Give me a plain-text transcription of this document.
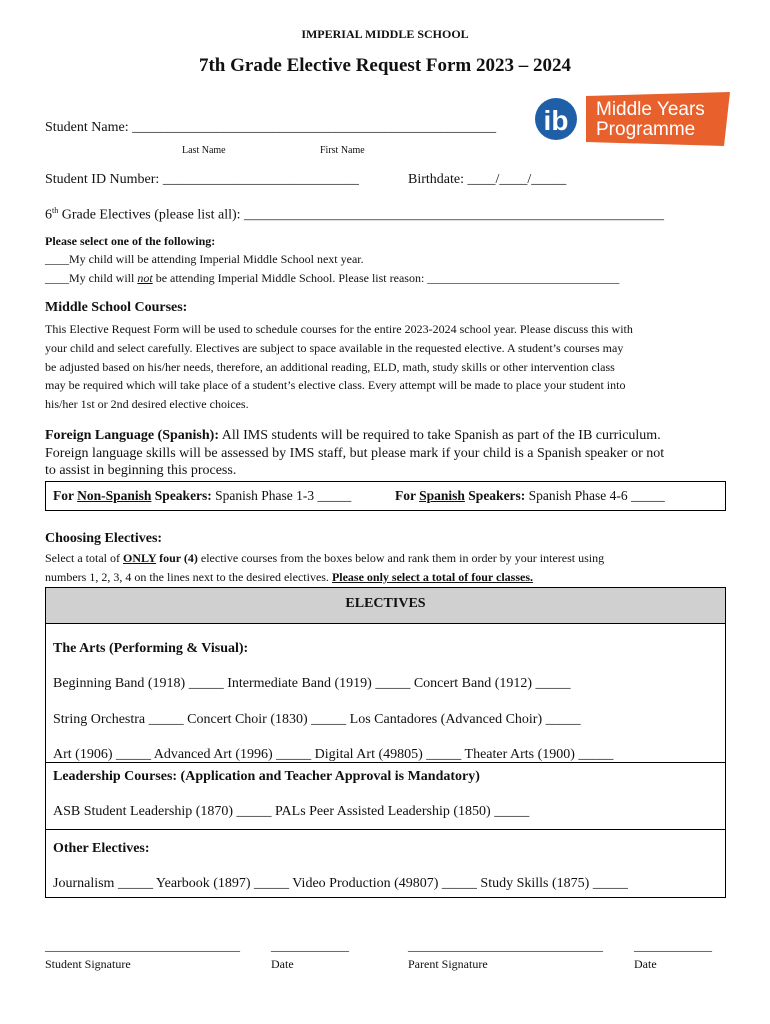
IMPERIAL MIDDLE SCHOOL
7th Grade Elective Request Form 2023 – 2024
ib Middle Years
Programme
Student Name: ____________________________________________________
Last Name	First Name
Student ID Number: ____________________________	Birthdate: ____/____/_____
6th Grade Electives (please list all): ____________________________________________________________
Please select one of the following:
____My child will be attending Imperial Middle School next year.
____My child will not be attending Imperial Middle School. Please list reason: ________________________________
Middle School Courses:
This Elective Request Form will be used to schedule courses for the entire 2023-2024 school year. Please discuss this with
your child and select carefully. Electives are subject to space available in the requested elective. A student’s courses may
be adjusted based on his/her needs, therefore, an additional reading, ELD, math, study skills or other intervention class
may be required which will take place of a student’s elective class. Every attempt will be made to place your student into
his/her 1st or 2nd desired elective choices.
Foreign Language (Spanish): All IMS students will be required to take Spanish as part of the IB curriculum.
Foreign language skills will be assessed by IMS staff, but please mark if your child is a Spanish speaker or not
to assist in beginning this process.
For Non-Spanish Speakers: Spanish Phase 1-3 _____	For Spanish Speakers: Spanish Phase 4-6 _____
Choosing Electives:
Select a total of ONLY four (4) elective courses from the boxes below and rank them in order by your interest using
numbers 1, 2, 3, 4 on the lines next to the desired electives. Please only select a total of four classes.
ELECTIVES

The Arts (Performing & Visual):
Beginning Band (1918) _____ Intermediate Band (1919) _____ Concert Band (1912) _____
String Orchestra _____ Concert Choir (1830) _____ Los Cantadores (Advanced Choir) _____
Art (1906) _____ Advanced Art (1996) _____ Digital Art (49805) _____ Theater Arts (1900) _____

Leadership Courses: (Application and Teacher Approval is Mandatory)
ASB Student Leadership (1870) _____ PALs Peer Assisted Leadership (1850) _____

Other Electives:
Journalism _____ Yearbook (1897) _____ Video Production (49807) _____ Study Skills (1875) _____
______________________________ ____________	______________________________ ____________
Student Signature	Date	Parent Signature	Date
